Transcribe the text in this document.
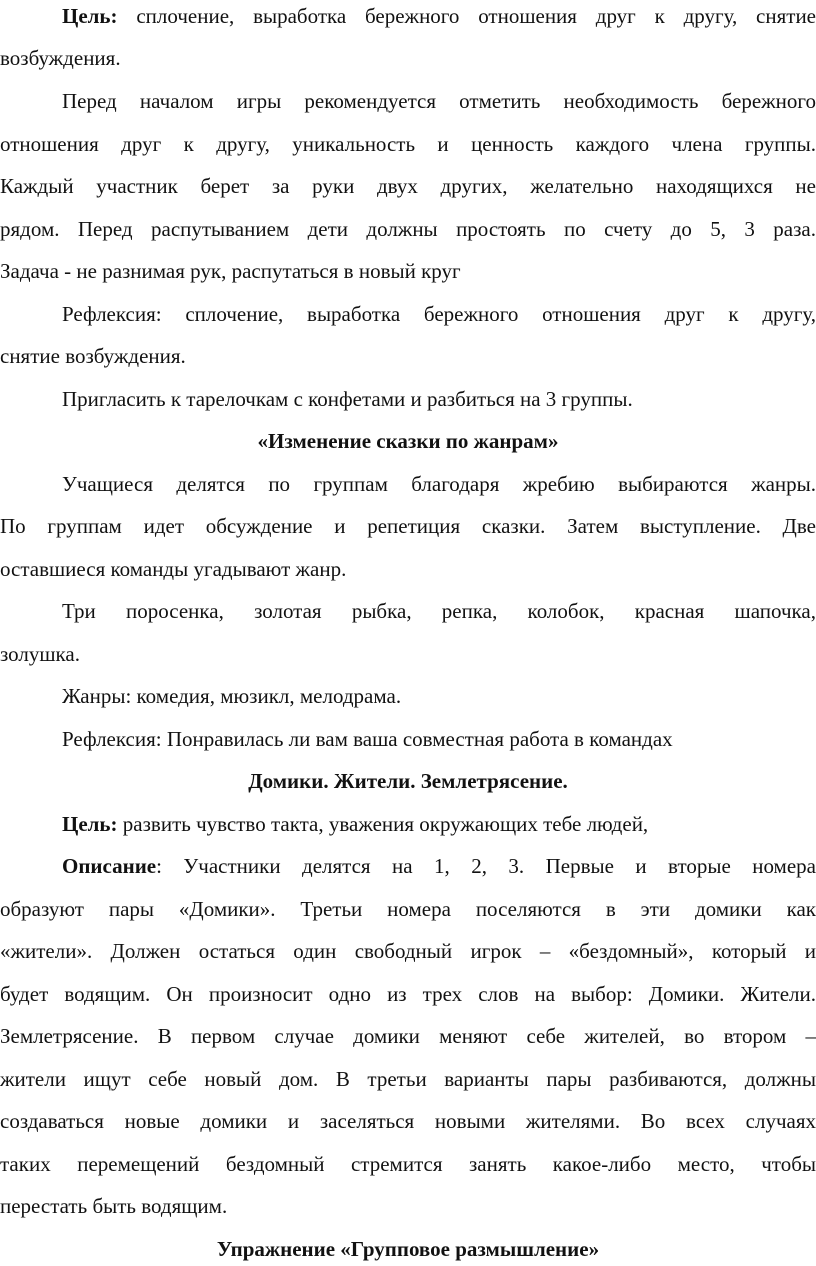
Цель: сплочение, выработка бережного отношения друг к другу, снятие
возбуждения.
Перед началом игры рекомендуется отметить необходимость бережного
отношения друг к другу, уникальность и ценность каждого члена группы.
Каждый участник берет за руки двух других, желательно находящихся не
рядом. Перед распутыванием дети должны простоять по счету до 5, 3 раза.
Задача - не разнимая рук, распутаться в новый круг
Рефлексия: сплочение, выработка бережного отношения друг к другу,
снятие возбуждения.
Пригласить к тарелочкам с конфетами и разбиться на 3 группы.
«Изменение сказки по жанрам»
Учащиеся делятся по группам благодаря жребию выбираются жанры.
По группам идет обсуждение и репетиция сказки. Затем выступление. Две
оставшиеся команды угадывают жанр.
Три поросенка, золотая рыбка, репка, колобок, красная шапочка,
золушка.
Жанры: комедия, мюзикл, мелодрама.
Рефлексия: Понравилась ли вам ваша совместная работа в командах
Домики. Жители. Землетрясение.
Цель: развить чувство такта, уважения окружающих тебе людей,
Описание: Участники делятся на 1, 2, 3. Первые и вторые номера
образуют пары «Домики». Третьи номера поселяются в эти домики как
«жители». Должен остаться один свободный игрок – «бездомный», который и
будет водящим. Он произносит одно из трех слов на выбор: Домики. Жители.
Землетрясение. В первом случае домики меняют себе жителей, во втором –
жители ищут себе новый дом. В третьи варианты пары разбиваются, должны
создаваться новые домики и заселяться новыми жителями. Во всех случаях
таких перемещений бездомный стремится занять какое-либо место, чтобы
перестать быть водящим.
Упражнение «Групповое размышление»
